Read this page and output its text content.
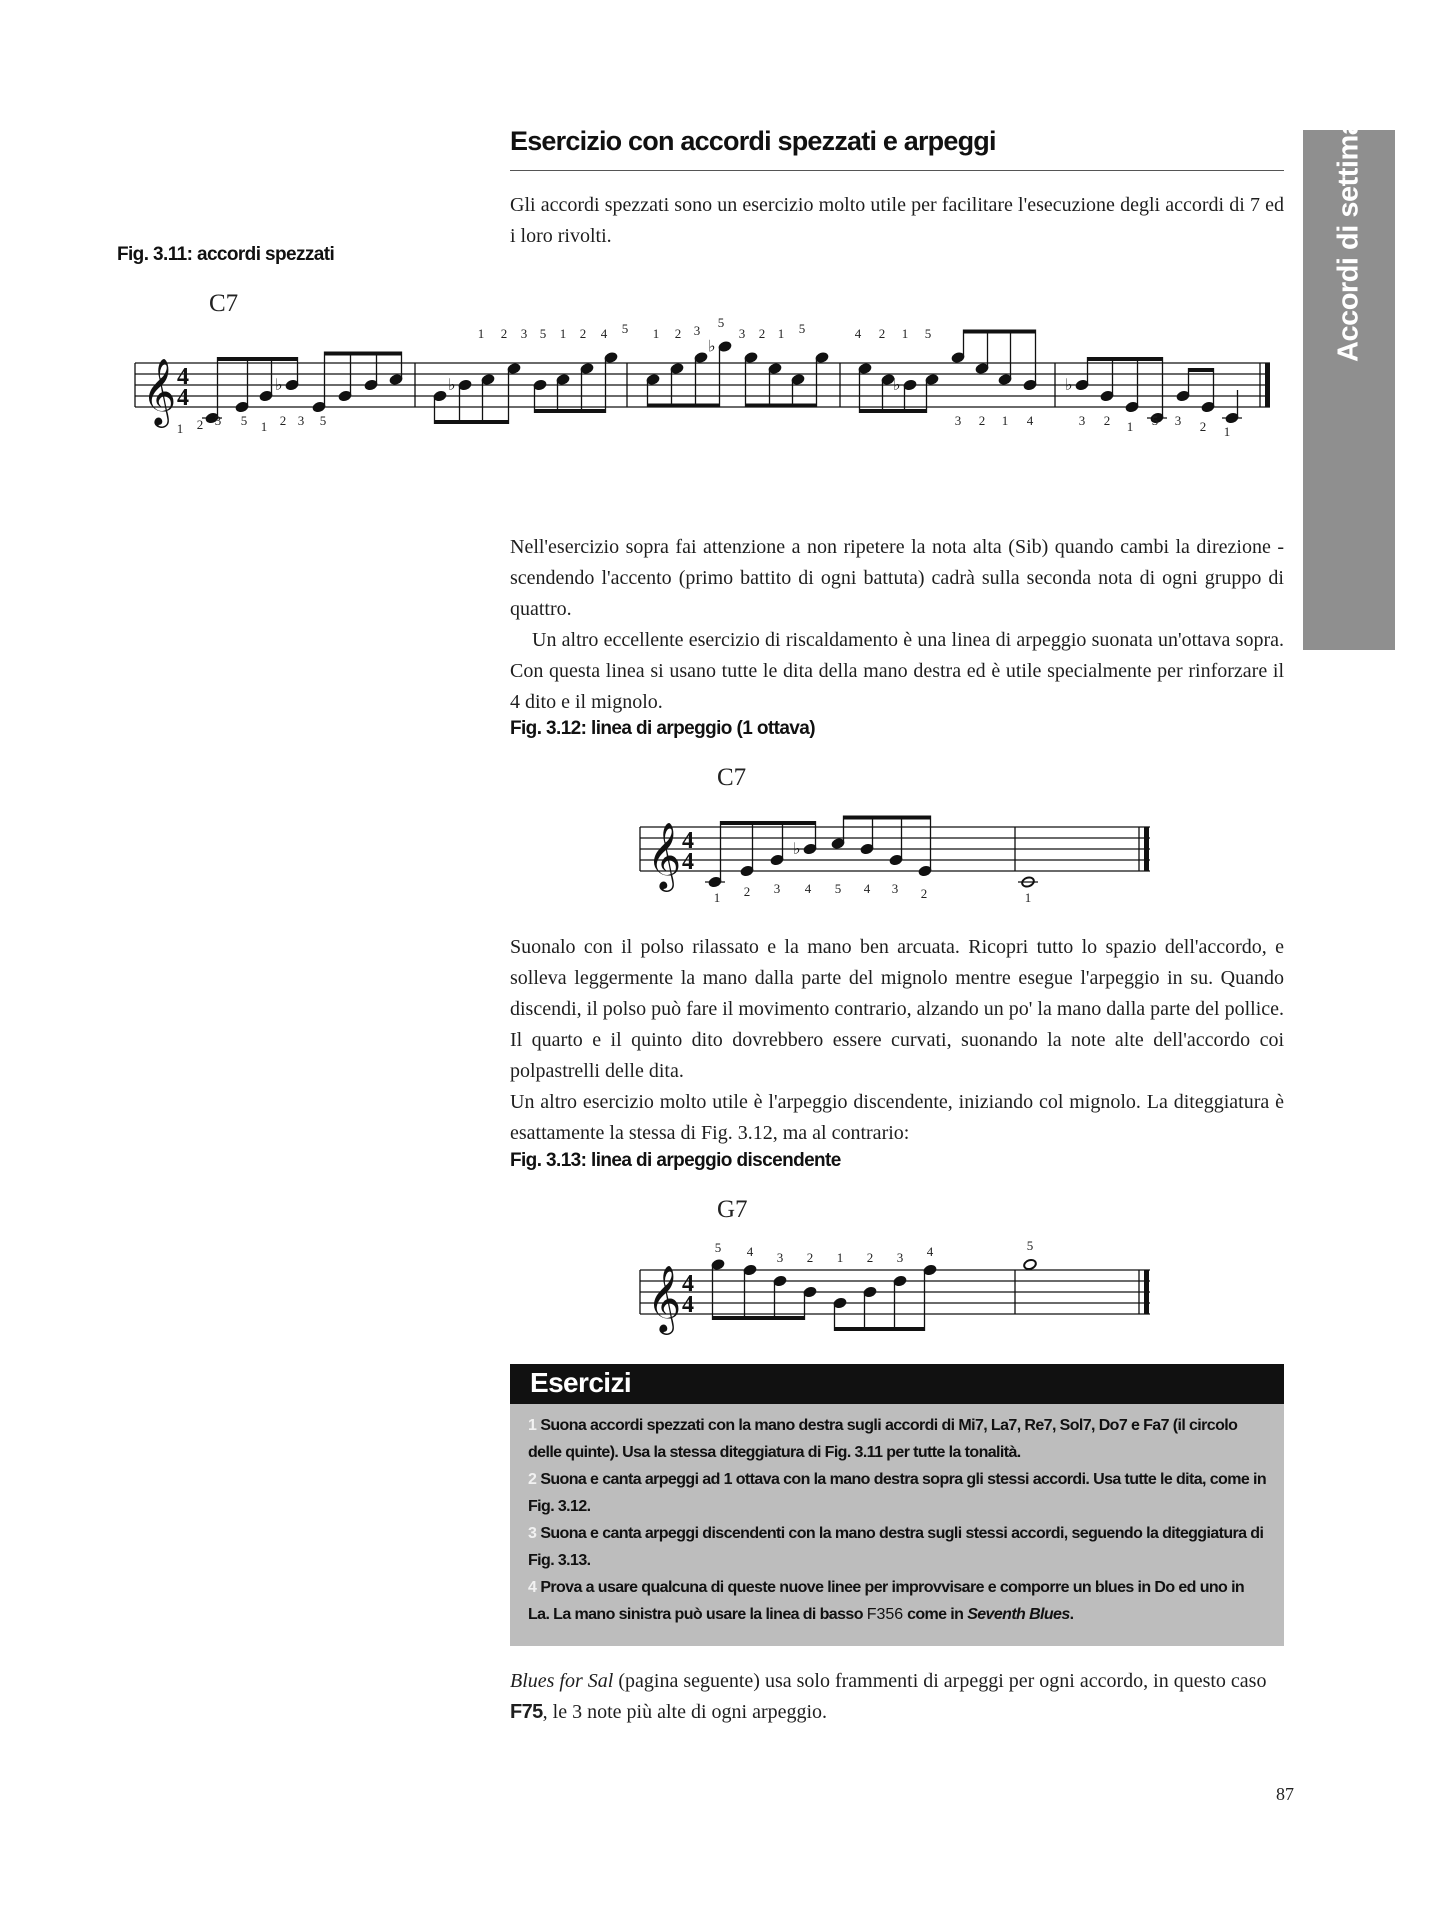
Esercizio con accordi spezzati e arpeggi	Accordi di settima
Gli accordi spezzati sono un esercizio molto utile per facilitare l'esecuzione degli accordi di 7 ed i loro rivolti.
Fig. 3.11: accordi spezzati
C7
𝄞 4
4	♭	♭
♭
♭	♭
1 2 3 5 1 2 3 5
1 2 3 5 1 2 4 5 1 2 3
5
3 2 1 5	4 2 1 5
3 2 1 4	3 2 1 5 3 2 1
Nell'esercizio sopra fai attenzione a non ripetere la nota alta (Sib) quando cambi la direzione - scendendo l'accento (primo battito di ogni battuta) cadrà sulla seconda nota di ogni gruppo di quattro.
Un altro eccellente esercizio di riscaldamento è una linea di arpeggio suonata un'ottava sopra. Con questa linea si usano tutte le dita della mano destra ed è utile specialmente per rinforzare il 4 dito e il mignolo.
Fig. 3.12: linea di arpeggio (1 ottava)
C7
𝄞 4
4	♭
1 2 3 4 5 4 3 2	1
Suonalo con il polso rilassato e la mano ben arcuata. Ricopri tutto lo spazio dell'accordo, e solleva leggermente la mano dalla parte del mignolo mentre esegue l'arpeggio in su. Quando discendi, il polso può fare il movimento contrario, alzando un po' la mano dalla parte del pollice. Il quarto e il quinto dito dovrebbero essere curvati, suonando la note alte dell'accordo coi polpastrelli delle dita.
Un altro esercizio molto utile è l'arpeggio discendente, iniziando col mignolo. La diteggiatura è esattamente la stessa di Fig. 3.12, ma al contrario:
Fig. 3.13: linea di arpeggio discendente
G7
𝄞 4
4
5 4 3 2 1 2 3 4	5
Esercizi

1 Suona accordi spezzati con la mano destra sugli accordi di Mi7, La7, Re7, Sol7, Do7 e Fa7 (il circolo delle quinte). Usa la stessa diteggiatura di Fig. 3.11 per tutte la tonalità.

2 Suona e canta arpeggi ad 1 ottava con la mano destra sopra gli stessi accordi. Usa tutte le dita, come in Fig. 3.12.

3 Suona e canta arpeggi discendenti con la mano destra sugli stessi accordi, seguendo la diteggiatura di Fig. 3.13.

4 Prova a usare qualcuna di queste nuove linee per improvvisare e comporre un blues in Do ed uno in La. La mano sinistra può usare la linea di basso F356 come in Seventh Blues.

Blues for Sal (pagina seguente) usa solo frammenti di arpeggi per ogni accordo, in questo caso F75, le 3 note più alte di ogni arpeggio.
87
